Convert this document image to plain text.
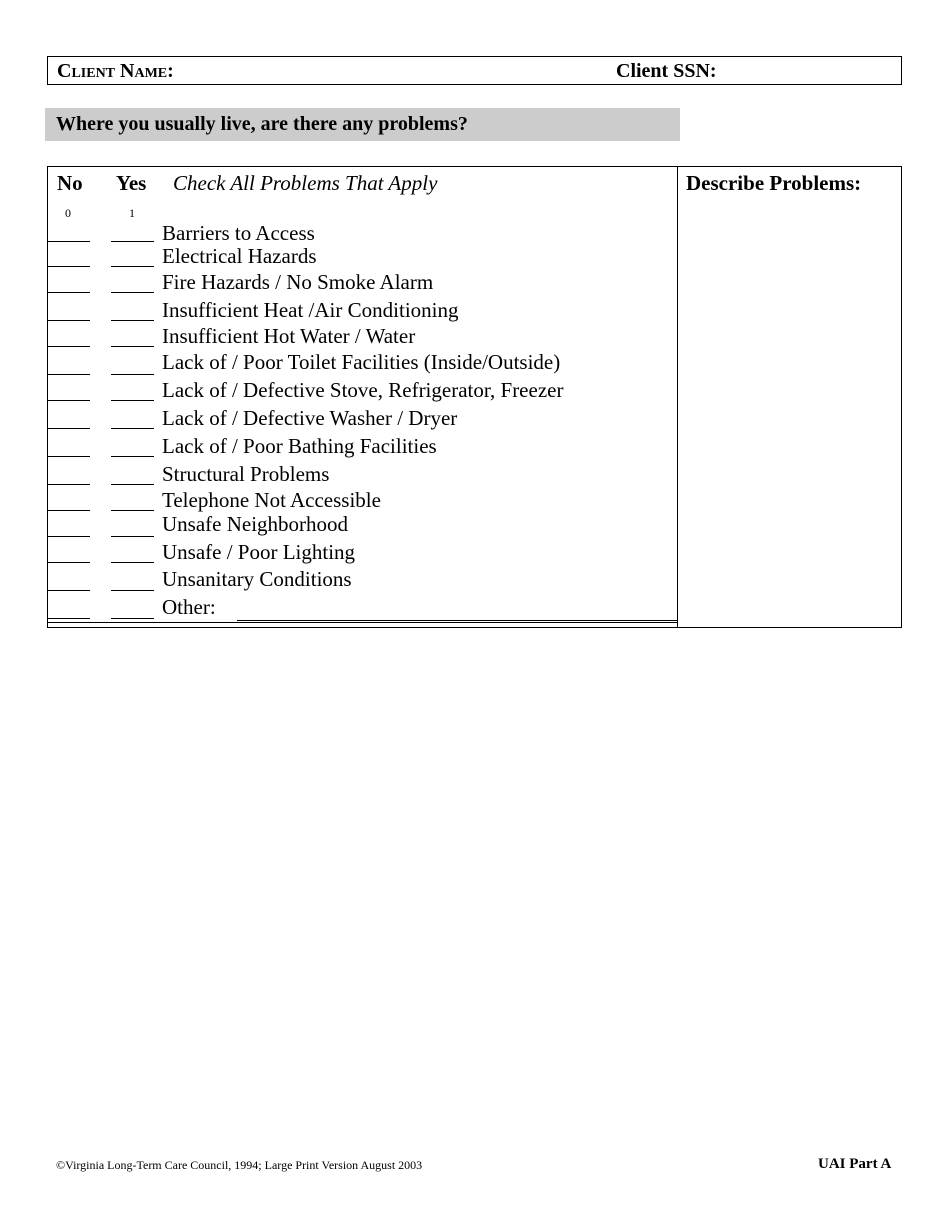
Client Name:	Client SSN:
Where you usually live, are there any problems?
No Yes Check All Problems That Apply	Describe Problems:
0	1
Barriers to Access
Electrical Hazards
Fire Hazards / No Smoke Alarm
Insufficient Heat /Air Conditioning
Insufficient Hot Water / Water
Lack of / Poor Toilet Facilities (Inside/Outside)
Lack of / Defective Stove, Refrigerator, Freezer
Lack of / Defective Washer / Dryer
Lack of / Poor Bathing Facilities
Structural Problems
Telephone Not Accessible
Unsafe Neighborhood
Unsafe / Poor Lighting
Unsanitary Conditions
Other:
©Virginia Long-Term Care Council, 1994; Large Print Version August 2003	UAI Part A
